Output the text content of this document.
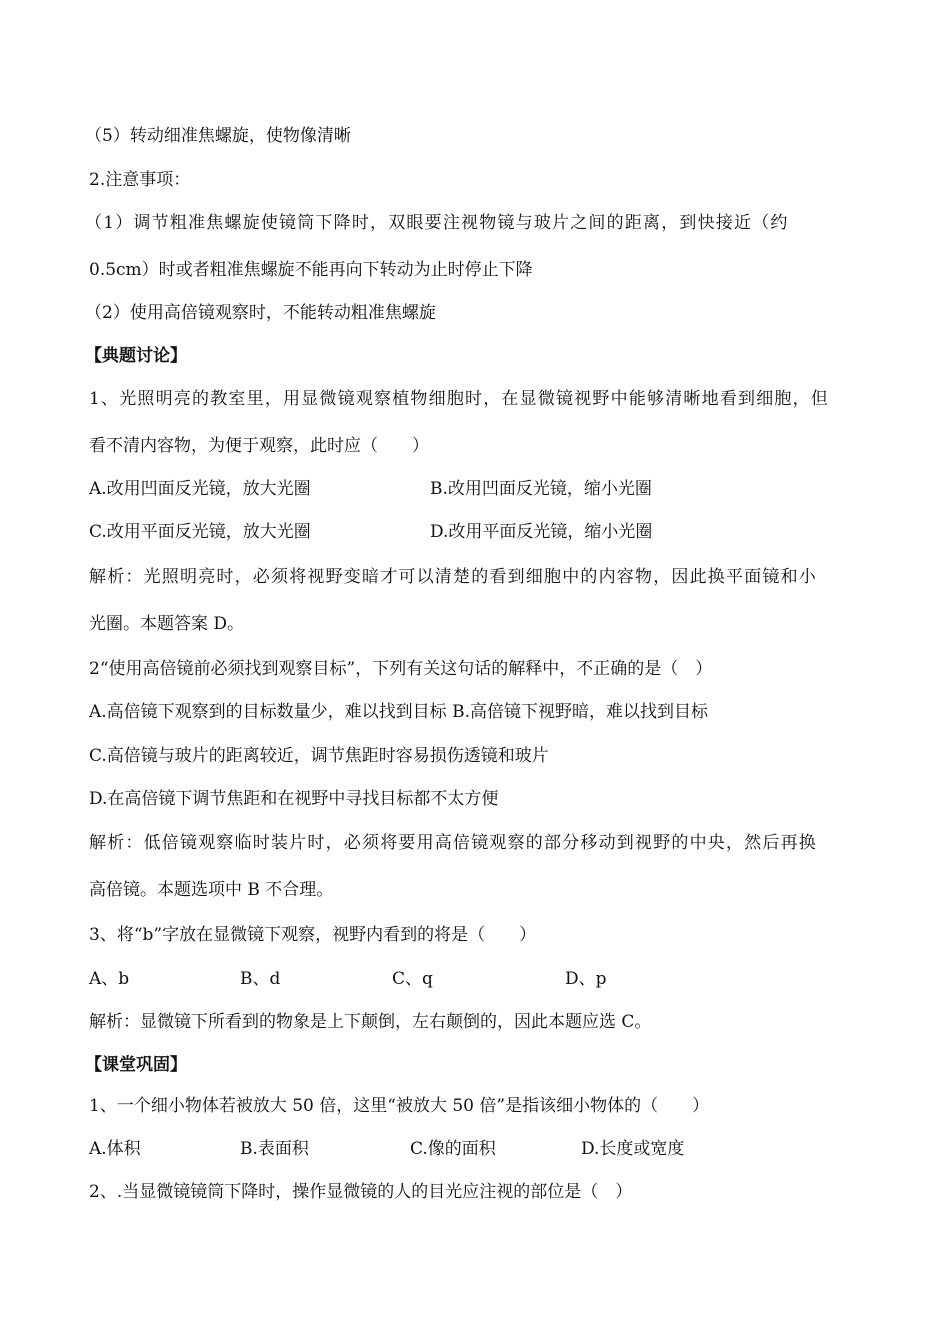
（5）转动细准焦螺旋，使物像清晰

2.注意事项：

（1）调节粗准焦螺旋使镜筒下降时，双眼要注视物镜与玻片之间的距离，到快接近（约

0.5cm）时或者粗准焦螺旋不能再向下转动为止时停止下降

（2）使用高倍镜观察时，不能转动粗准焦螺旋

【典题讨论】

1、光照明亮的教室里，用显微镜观察植物细胞时，在显微镜视野中能够清晰地看到细胞，但

看不清内容物，为便于观察，此时应（　　）

A.改用凹面反光镜，放大光圈	B.改用凹面反光镜，缩小光圈
C.改用平面反光镜，放大光圈	D.改用平面反光镜，缩小光圈

解析：光照明亮时，必须将视野变暗才可以清楚的看到细胞中的内容物，因此换平面镜和小

光圈。本题答案 D。

2“使用高倍镜前必须找到观察目标”，下列有关这句话的解释中，不正确的是（　）

A.高倍镜下观察到的目标数量少，难以找到目标 B.高倍镜下视野暗，难以找到目标

C.高倍镜与玻片的距离较近，调节焦距时容易损伤透镜和玻片

D.在高倍镜下调节焦距和在视野中寻找目标都不太方便

解析：低倍镜观察临时装片时，必须将要用高倍镜观察的部分移动到视野的中央，然后再换

高倍镜。本题选项中 B 不合理。

3、将“b”字放在显微镜下观察，视野内看到的将是（　　）

A、b	B、d	C、q	D、p

解析：显微镜下所看到的物象是上下颠倒，左右颠倒的，因此本题应选 C。

【课堂巩固】

1、一个细小物体若被放大 50 倍，这里“被放大 50 倍”是指该细小物体的（　　）

A.体积	B.表面积	C.像的面积	D.长度或宽度

2、.当显微镜镜筒下降时，操作显微镜的人的目光应注视的部位是（　）
